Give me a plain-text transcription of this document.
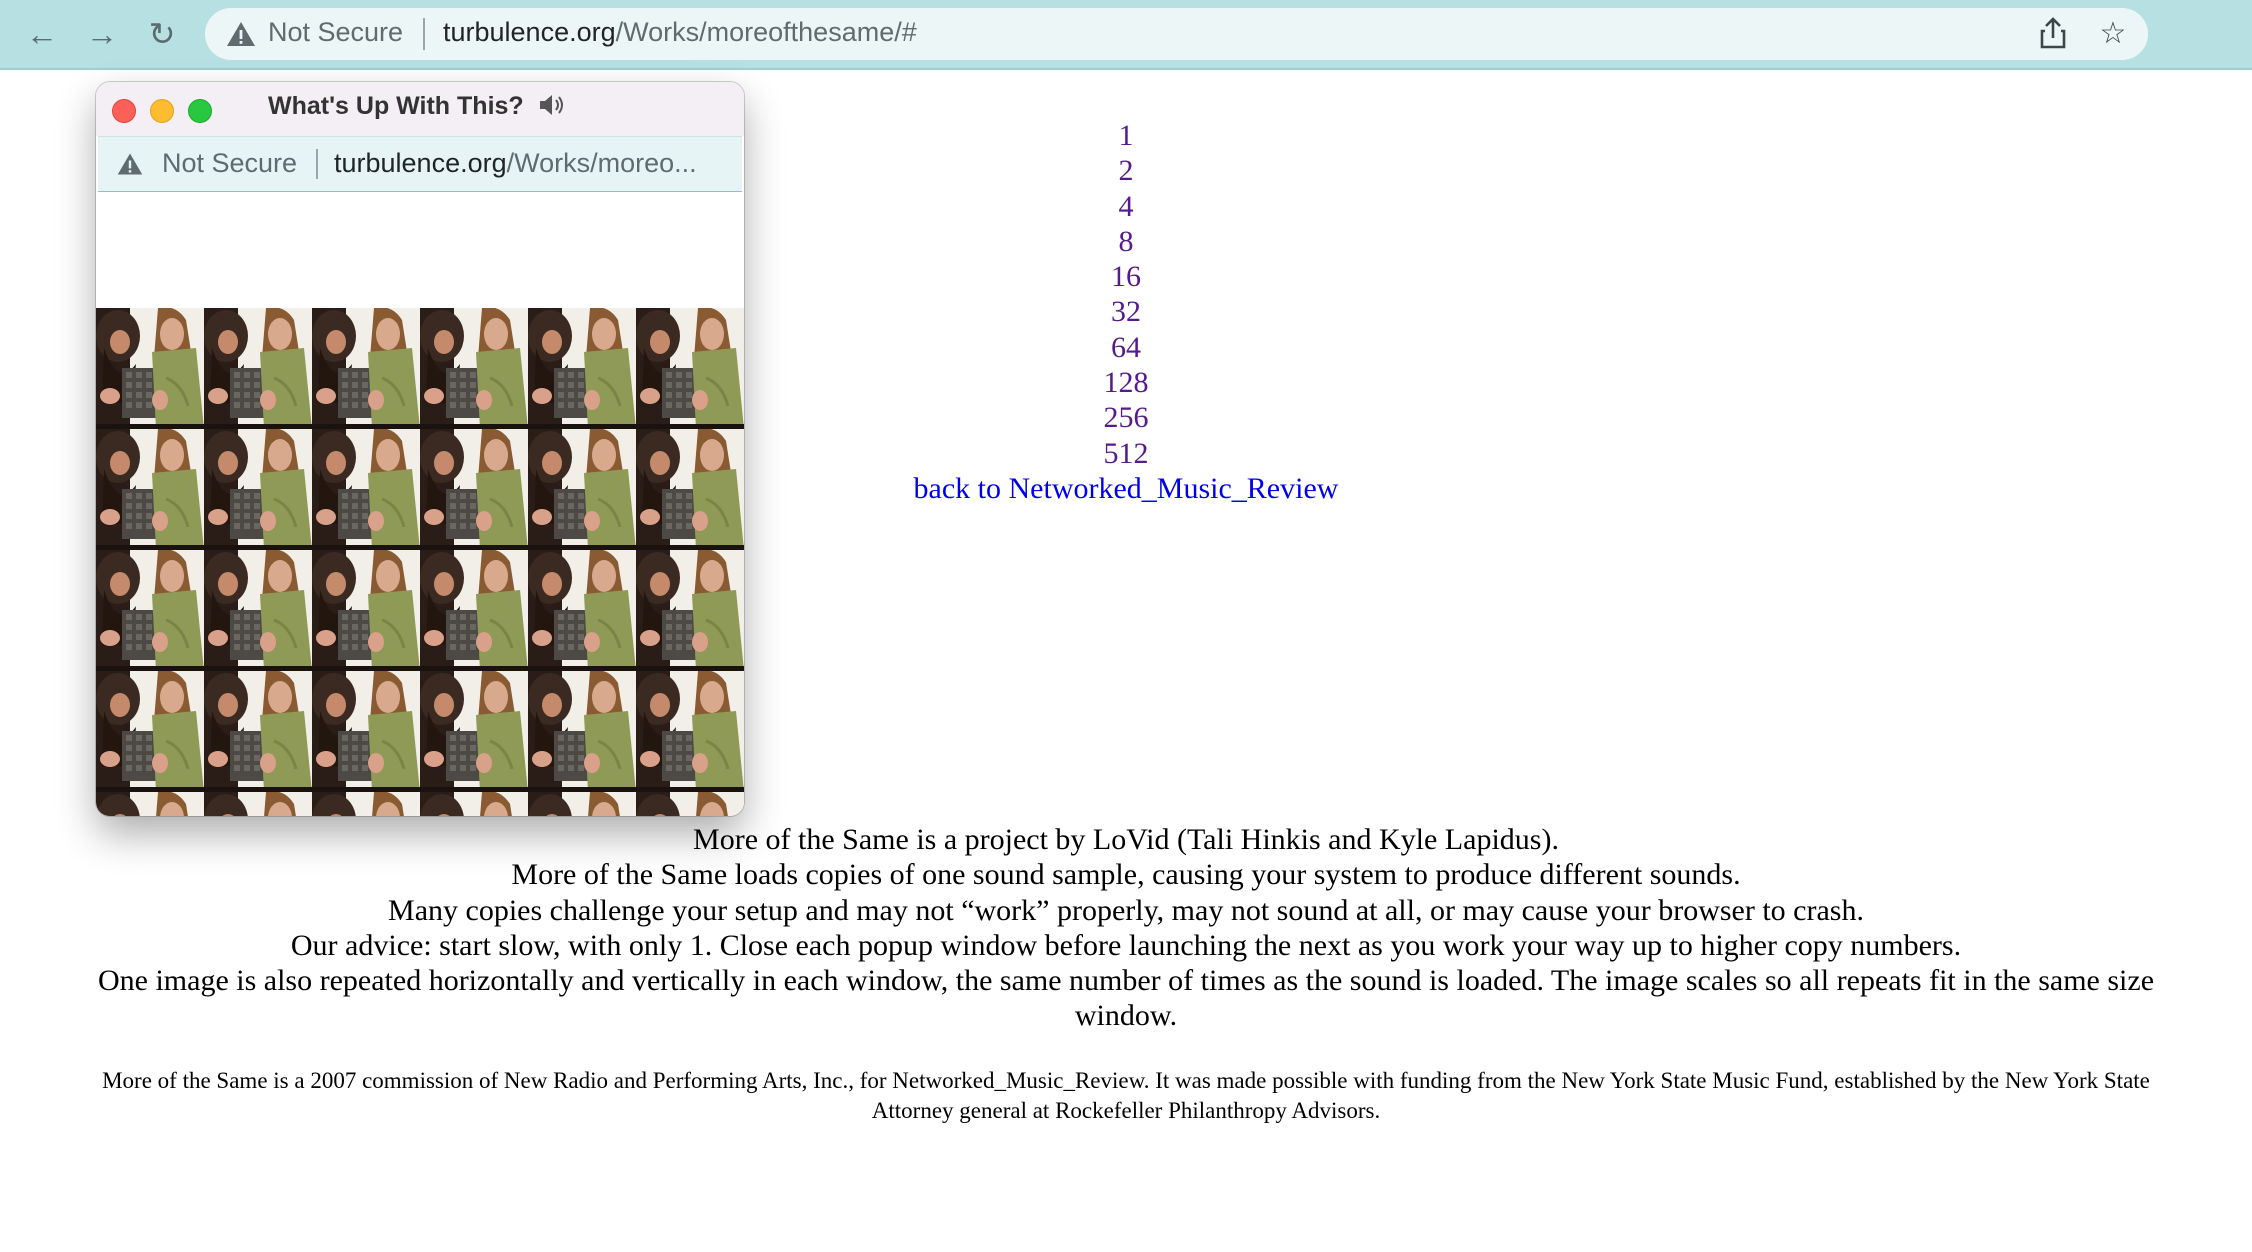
← → ↻	Not Secure turbulence.org/Works/moreofthesame/#	☆
What's Up With This?
Not Secure turbulence.org/Works/moreo...
1
2
4
8
16
32
64
128
256
512
back to Networked_Music_Review
More of the Same is a project by LoVid (Tali Hinkis and Kyle Lapidus).
More of the Same loads copies of one sound sample, causing your system to produce different sounds.
Many copies challenge your setup and may not “work” properly, may not sound at all, or may cause your browser to crash.
Our advice: start slow, with only 1. Close each popup window before launching the next as you work your way up to higher copy numbers.
One image is also repeated horizontally and vertically in each window, the same number of times as the sound is loaded. The image scales so all repeats fit in the same size window.
More of the Same is a 2007 commission of New Radio and Performing Arts, Inc., for Networked_Music_Review. It was made possible with funding from the New York State Music Fund, established by the New York State Attorney general at Rockefeller Philanthropy Advisors.
